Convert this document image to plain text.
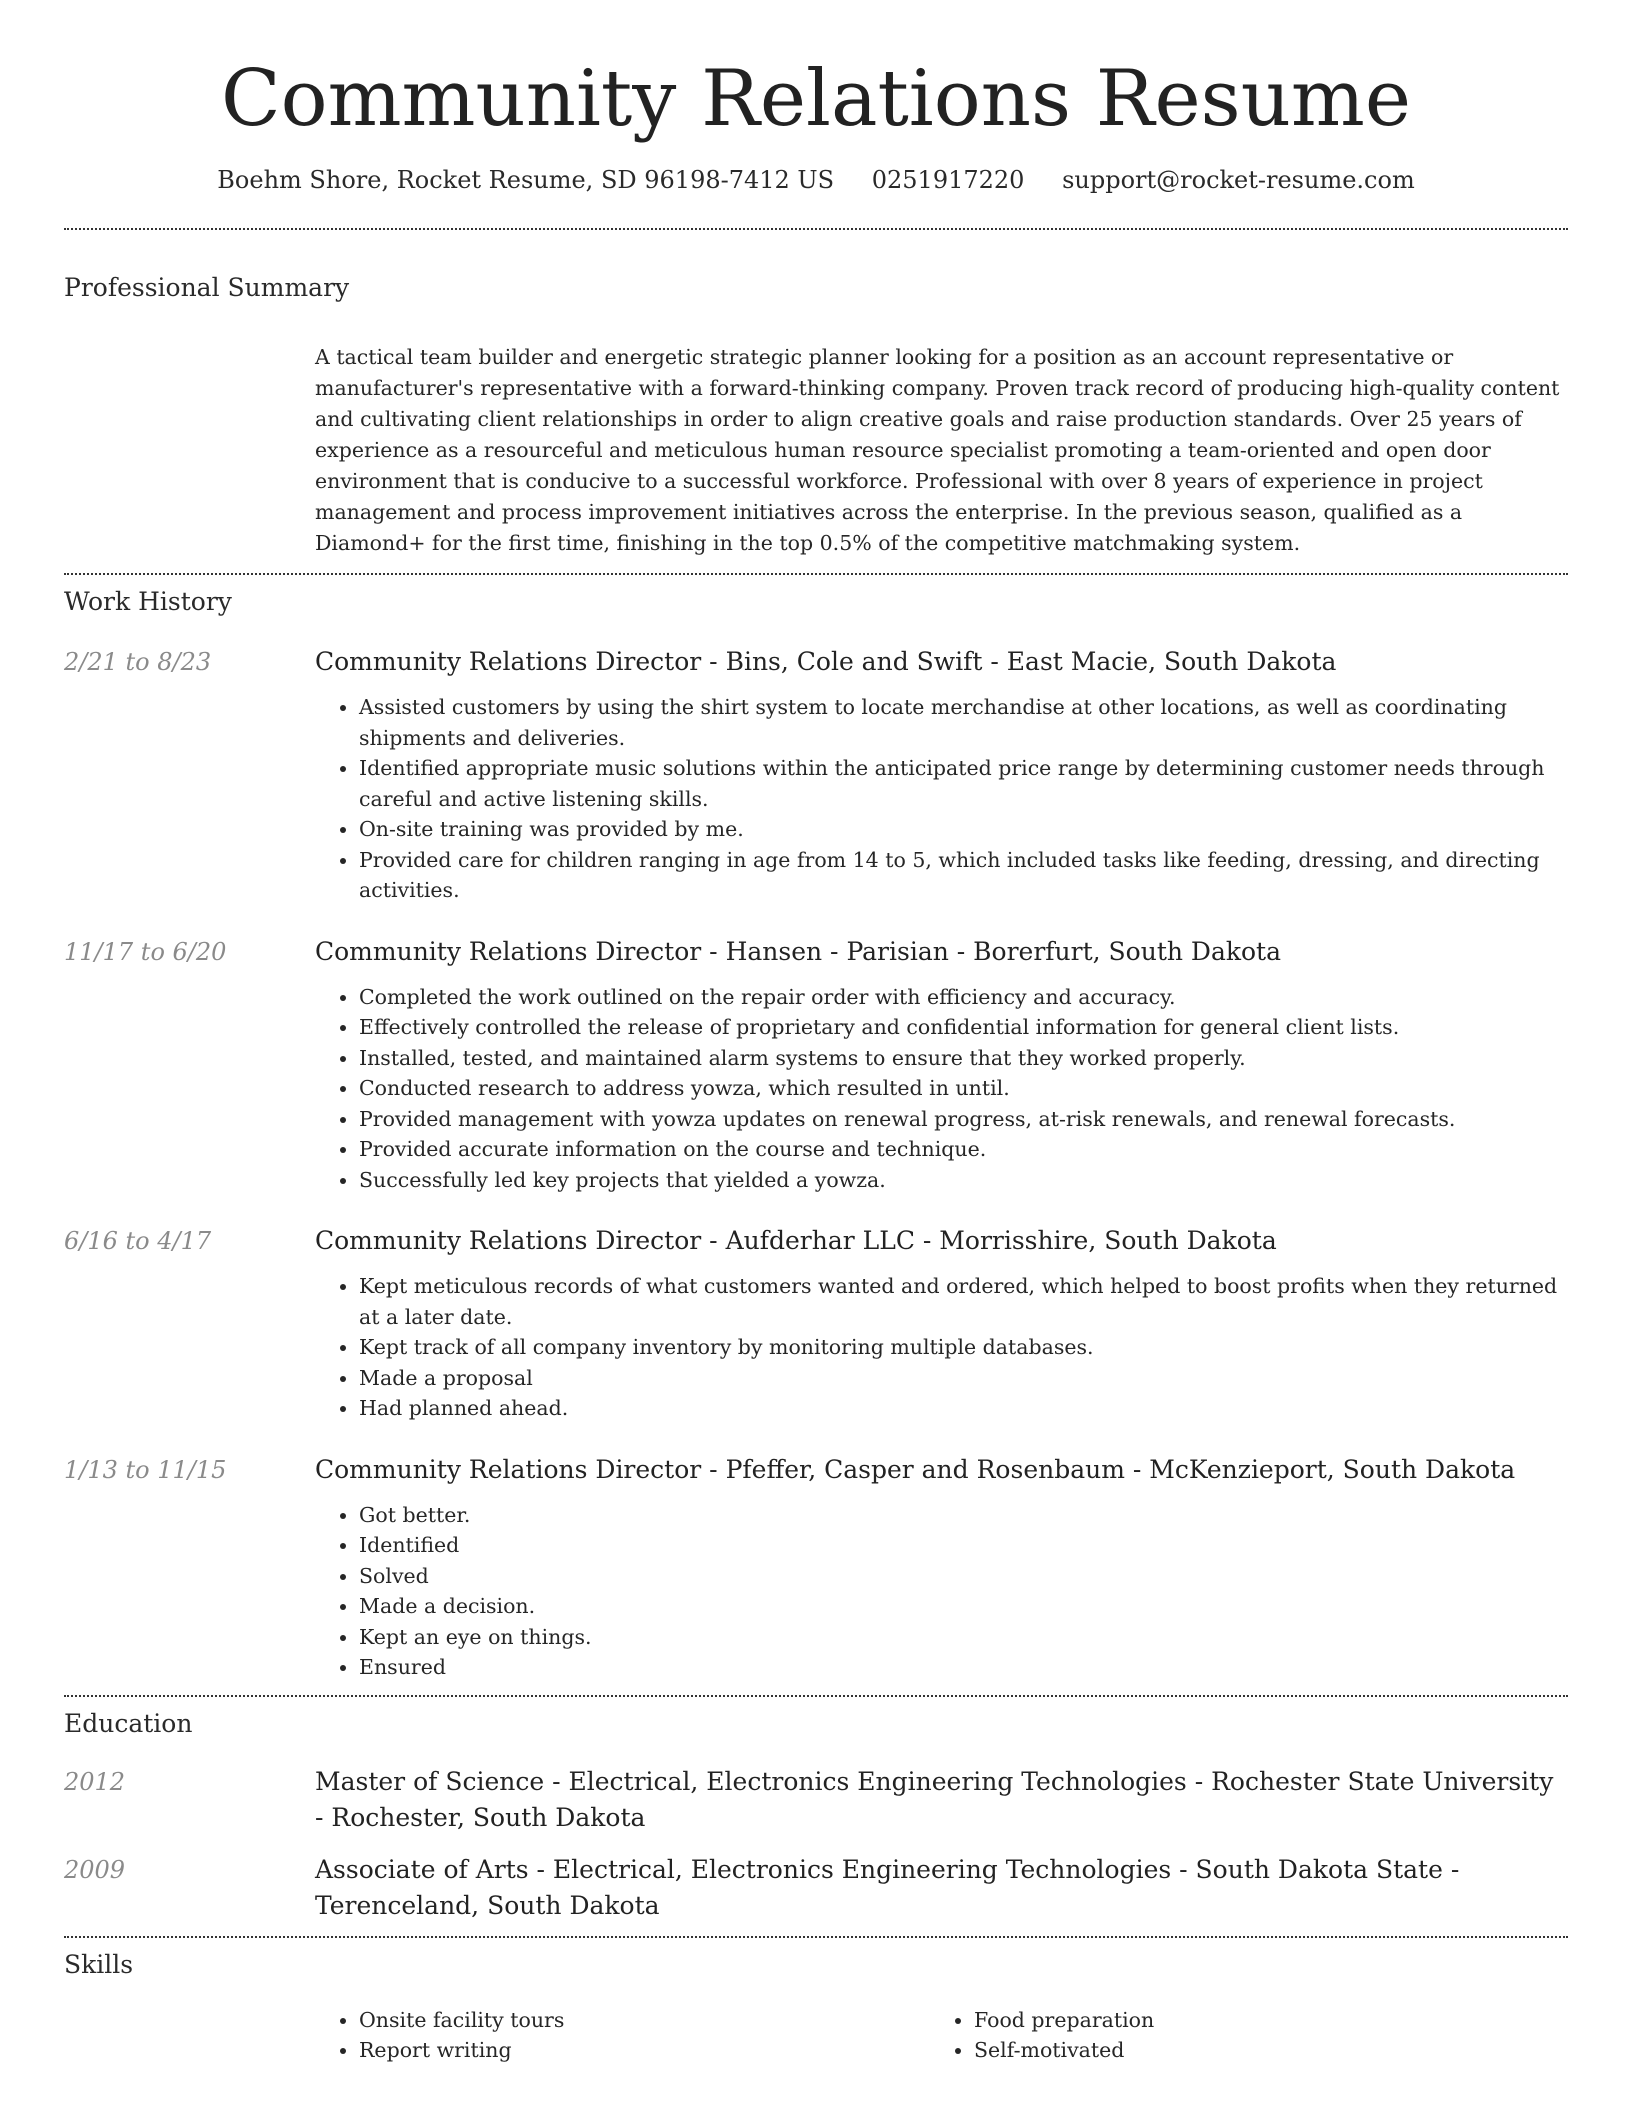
Community Relations Resume
Boehm Shore, Rocket Resume, SD 96198-7412 US 0251917220 support@rocket-resume.com
Professional Summary

A tactical team builder and energetic strategic planner looking for a position as an account representative or manufacturer's representative with a forward-thinking company. Proven track record of producing high-quality content and cultivating client relationships in order to align creative goals and raise production standards. Over 25 years of experience as a resourceful and meticulous human resource specialist promoting a team-oriented and open door environment that is conducive to a successful workforce. Professional with over 8 years of experience in project management and process improvement initiatives across the enterprise. In the previous season, qualified as a Diamond+ for the first time, finishing in the top 0.5% of the competitive matchmaking system.

Work History
2/21 to 8/23	Community Relations Director - Bins, Cole and Swift - East Macie, South Dakota
• Assisted customers by using the shirt system to locate merchandise at other locations, as well as coordinating shipments and deliveries.
• Identified appropriate music solutions within the anticipated price range by determining customer needs through careful and active listening skills.
• On-site training was provided by me.
• Provided care for children ranging in age from 14 to 5, which included tasks like feeding, dressing, and directing activities.
11/17 to 6/20	Community Relations Director - Hansen - Parisian - Borerfurt, South Dakota
• Completed the work outlined on the repair order with efficiency and accuracy.
• Effectively controlled the release of proprietary and confidential information for general client lists.
• Installed, tested, and maintained alarm systems to ensure that they worked properly.
• Conducted research to address yowza, which resulted in until.
• Provided management with yowza updates on renewal progress, at-risk renewals, and renewal forecasts.
• Provided accurate information on the course and technique.
• Successfully led key projects that yielded a yowza.
6/16 to 4/17	Community Relations Director - Aufderhar LLC - Morrisshire, South Dakota
• Kept meticulous records of what customers wanted and ordered, which helped to boost profits when they returned at a later date.
• Kept track of all company inventory by monitoring multiple databases.
• Made a proposal
• Had planned ahead.
1/13 to 11/15	Community Relations Director - Pfeffer, Casper and Rosenbaum - McKenzieport, South Dakota
• Got better.
• Identified
• Solved
• Made a decision.
• Kept an eye on things.
• Ensured
Education
2012	Master of Science - Electrical, Electronics Engineering Technologies - Rochester State University - Rochester, South Dakota
2009	Associate of Arts - Electrical, Electronics Engineering Technologies - South Dakota State - Terenceland, South Dakota
Skills
• Onsite facility tours
• Report writing
• Food preparation
• Self-motivated
